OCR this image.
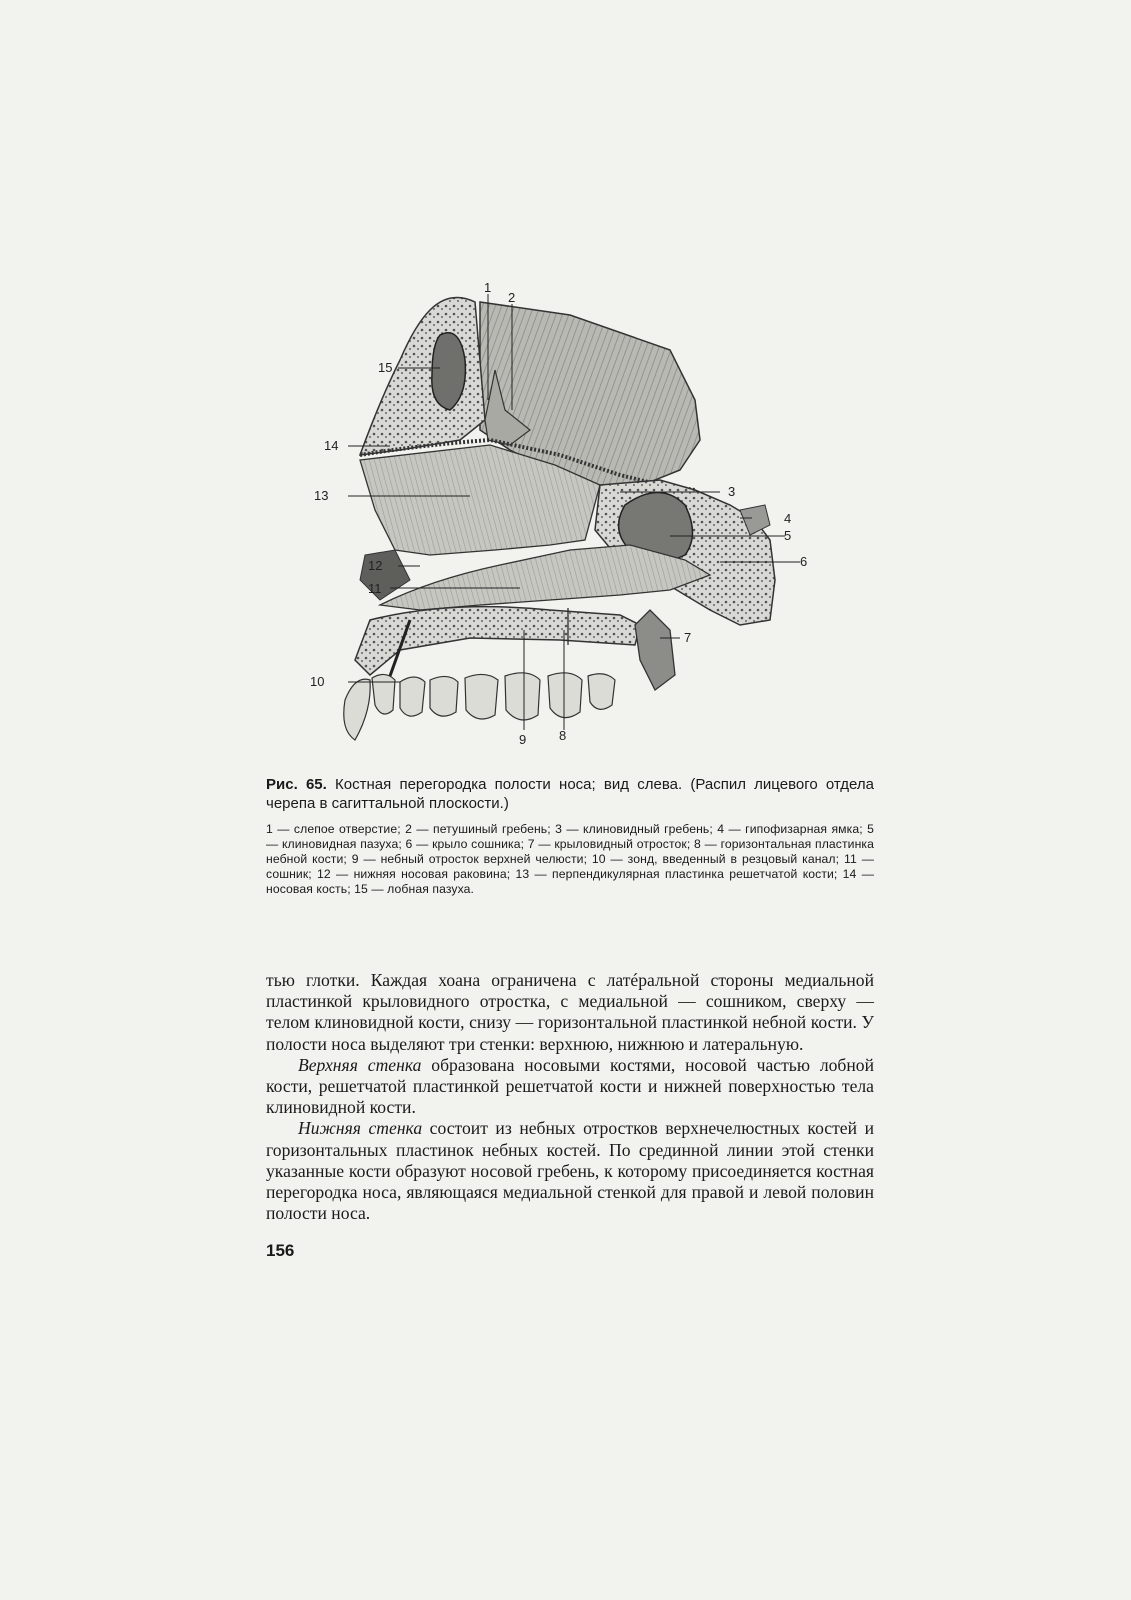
1
2
15
14
13	3
4
5
6
12
11
7
10
9	8

Рис. 65. Костная перегородка полости носа; вид слева. (Распил лицевого отдела черепа в сагиттальной плоскости.)

1 — слепое отверстие; 2 — петушиный гребень; 3 — клиновидный гребень; 4 — гипофизарная ямка; 5 — клиновидная пазуха; 6 — крыло сошника; 7 — крыловидный отросток; 8 — горизонтальная пластинка небной кости; 9 — небный отросток верхней челюсти; 10 — зонд, введенный в резцовый канал; 11 — сошник; 12 — нижняя носовая раковина; 13 — перпендикулярная пластинка решетчатой кости; 14 — носовая кость; 15 — лобная пазуха.

тью глотки. Каждая хоана ограничена с латéральной стороны медиальной пластинкой крыловидного отростка, с медиальной — сошником, сверху — телом клиновидной кости, снизу — горизонтальной пластинкой небной кости. У полости носа выделяют три стенки: верхнюю, нижнюю и латеральную.

Верхняя стенка образована носовыми костями, носовой частью лобной кости, решетчатой пластинкой решетчатой кости и нижней поверхностью тела клиновидной кости.

Нижняя стенка состоит из небных отростков верхнечелюстных костей и горизонтальных пластинок небных костей. По срединной линии этой стенки указанные кости образуют носовой гребень, к которому присоединяется костная перегородка носа, являющаяся медиальной стенкой для правой и левой половин полости носа.

156
